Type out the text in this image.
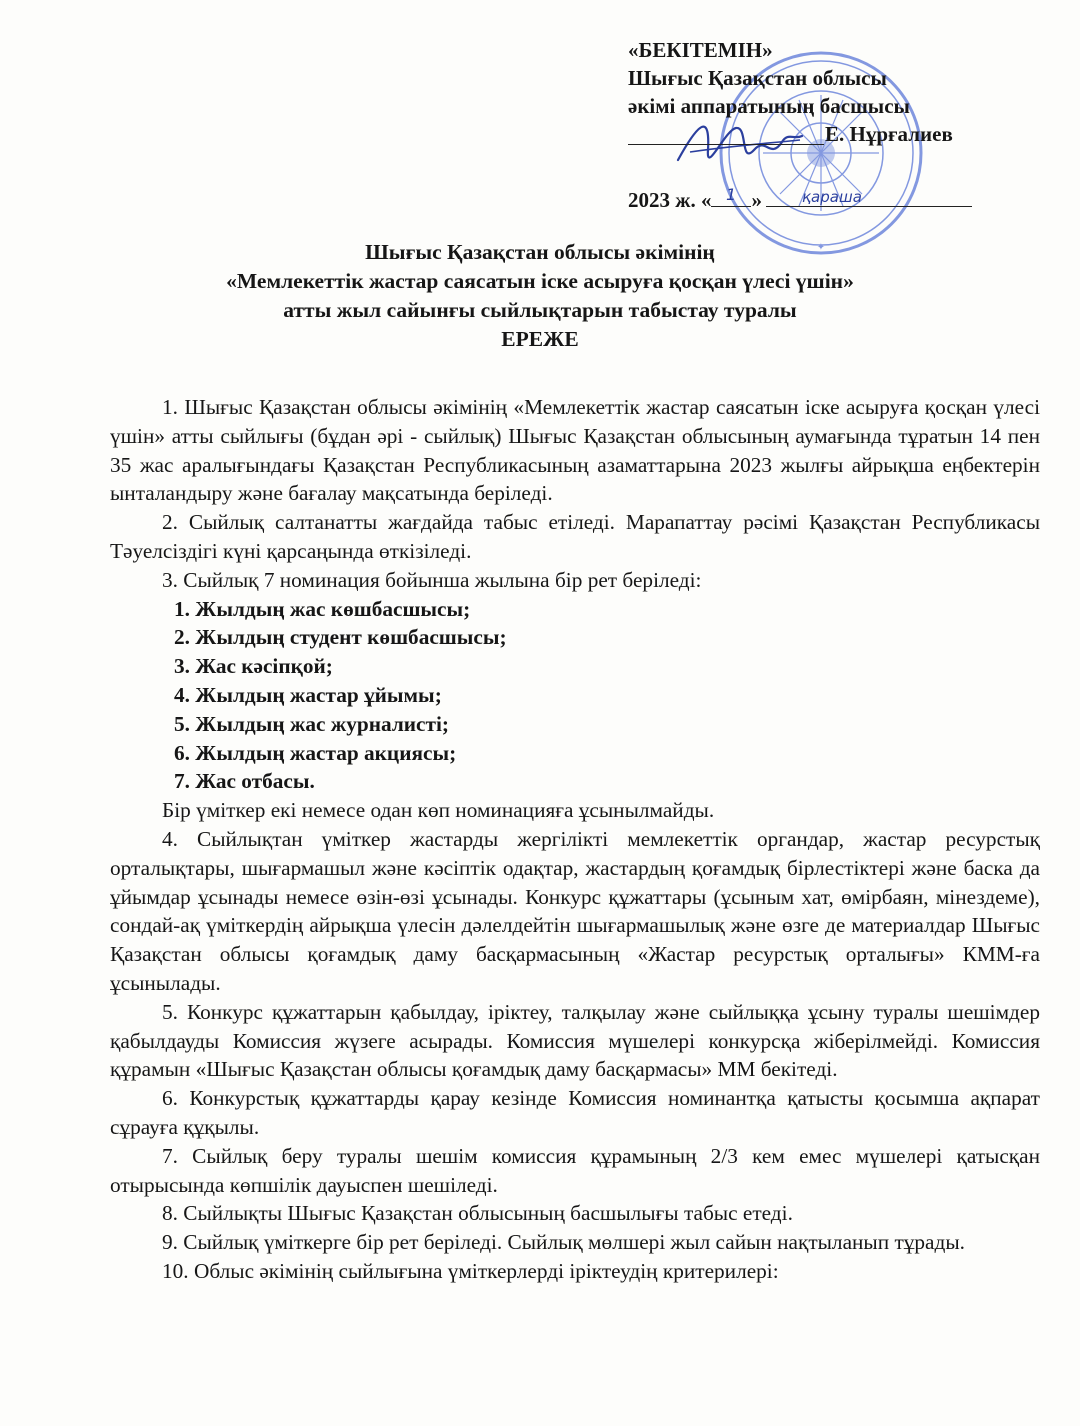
✦
1	қараша
«БЕКІТЕМІН»
Шығыс Қазақстан облысы
әкімі аппаратының басшысы
Е. Нұрғалиев
2023 ж. « »
Шығыс Қазақстан облысы әкімінің
«Мемлекеттік жастар саясатын іске асыруға қосқан үлесі үшін»
атты жыл сайынғы сыйлықтарын табыстау туралы
ЕРЕЖЕ

1. Шығыс Қазақстан облысы әкімінің «Мемлекеттік жастар саясатын іске асыруға қосқан үлесі үшін» атты сыйлығы (бұдан әрі - сыйлық) Шығыс Қазақстан облысының аумағында тұратын 14 пен 35 жас аралығындағы Қазақстан Республикасының азаматтарына 2023 жылғы айрықша еңбектерін ынталандыру және бағалау мақсатында беріледі.

2. Сыйлық салтанатты жағдайда табыс етіледі. Марапаттау рәсімі Қазақстан Республикасы Тәуелсіздігі күні қарсаңында өткізіледі.

3. Сыйлық 7 номинация бойынша жылына бір рет беріледі:

1. Жылдың жас көшбасшысы;
2. Жылдың студент көшбасшысы;
3. Жас кәсіпқой;
4. Жылдың жастар ұйымы;
5. Жылдың жас журналисті;
6. Жылдың жастар акциясы;
7. Жас отбасы.

Бір үміткер екі немесе одан көп номинацияға ұсынылмайды.

4. Сыйлықтан үміткер жастарды жергілікті мемлекеттік органдар, жастар ресурстық орталықтары, шығармашыл және кәсіптік одақтар, жастардың қоғамдық бірлестіктері және баска да ұйымдар ұсынады немесе өзін-өзі ұсынады. Конкурс құжаттары (ұсыным хат, өмірбаян, мінездеме), сондай-ақ үміткердің айрықша үлесін дәлелдейтін шығармашылық және өзге де материалдар Шығыс Қазақстан облысы қоғамдық даму басқармасының «Жастар ресурстық орталығы» КММ-ға ұсынылады.

5. Конкурс құжаттарын қабылдау, іріктеу, талқылау және сыйлыққа ұсыну туралы шешімдер қабылдауды Комиссия жүзеге асырады. Комиссия мүшелері конкурсқа жіберілмейді. Комиссия құрамын «Шығыс Қазақстан облысы қоғамдық даму басқармасы» ММ бекітеді.

6. Конкурстық құжаттарды қарау кезінде Комиссия номинантқа қатысты қосымша ақпарат сұрауға құқылы.

7. Сыйлық беру туралы шешім комиссия құрамының 2/3 кем емес мүшелері қатысқан отырысында көпшілік дауыспен шешіледі.

8. Сыйлықты Шығыс Қазақстан облысының басшылығы табыс етеді.

9. Сыйлық үміткерге бір рет беріледі. Сыйлық мөлшері жыл сайын нақтыланып тұрады.

10. Облыс әкімінің сыйлығына үміткерлерді іріктеудің критерилері:
